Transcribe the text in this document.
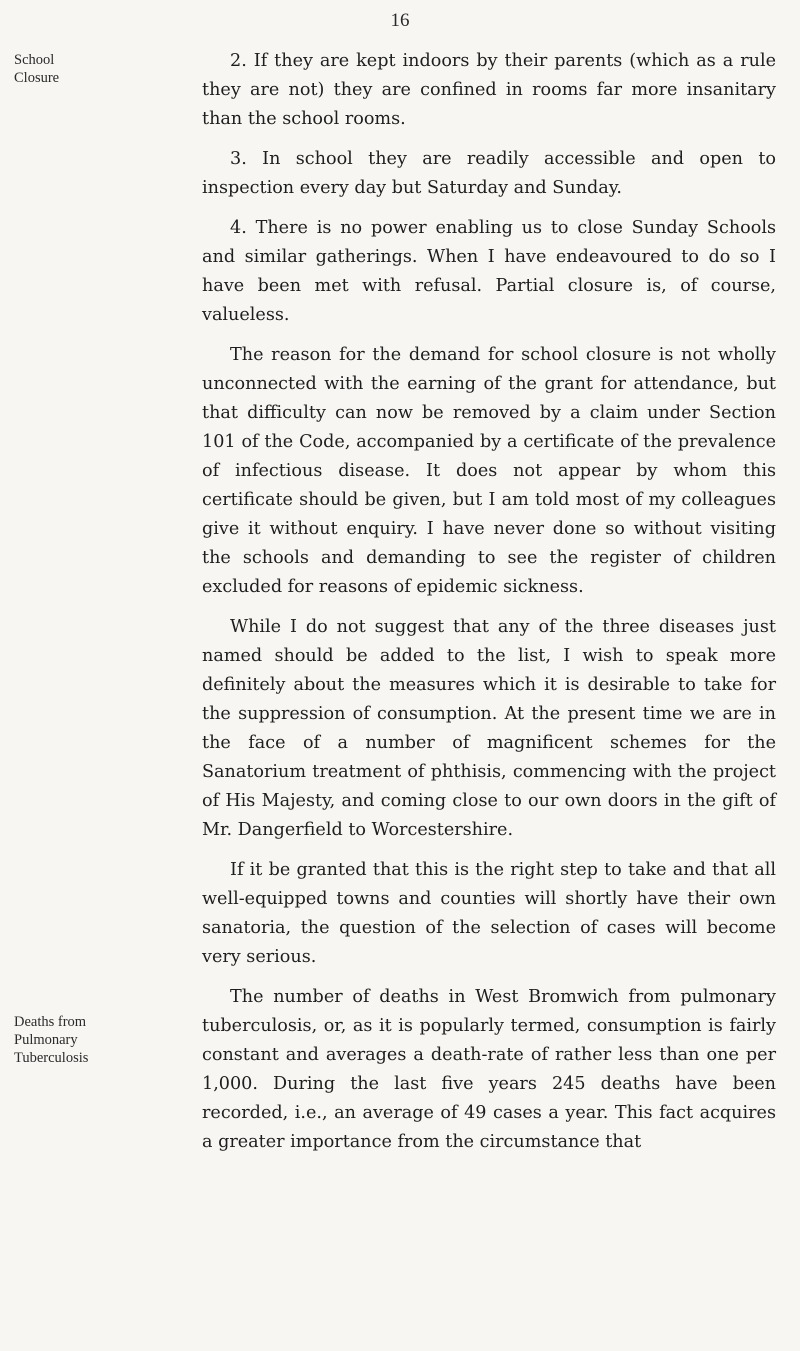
16
School
Closure
Deaths from
Pulmonary
Tuberculosis

2. If they are kept indoors by their parents (which as a rule they are not) they are confined in rooms far more insanitary than the school rooms.

3. In school they are readily accessible and open to inspection every day but Saturday and Sunday.

4. There is no power enabling us to close Sunday Schools and similar gatherings. When I have endeavoured to do so I have been met with refusal. Partial closure is, of course, valueless.

The reason for the demand for school closure is not wholly unconnected with the earning of the grant for attendance, but that difficulty can now be removed by a claim under Section 101 of the Code, accompanied by a certificate of the prevalence of infectious disease. It does not appear by whom this certificate should be given, but I am told most of my colleagues give it without enquiry. I have never done so without visiting the schools and demanding to see the register of children excluded for reasons of epidemic sickness.

While I do not suggest that any of the three diseases just named should be added to the list, I wish to speak more definitely about the measures which it is desirable to take for the suppression of consumption. At the present time we are in the face of a number of magnificent schemes for the Sanatorium treatment of phthisis, commencing with the project of His Majesty, and coming close to our own doors in the gift of Mr. Dangerfield to Worcestershire.

If it be granted that this is the right step to take and that all well-equipped towns and counties will shortly have their own sanatoria, the question of the selection of cases will become very serious.

The number of deaths in West Bromwich from pulmonary tuberculosis, or, as it is popularly termed, consumption is fairly constant and averages a death-rate of rather less than one per 1,000. During the last five years 245 deaths have been recorded, i.e., an average of 49 cases a year. This fact acquires a greater importance from the circumstance that
